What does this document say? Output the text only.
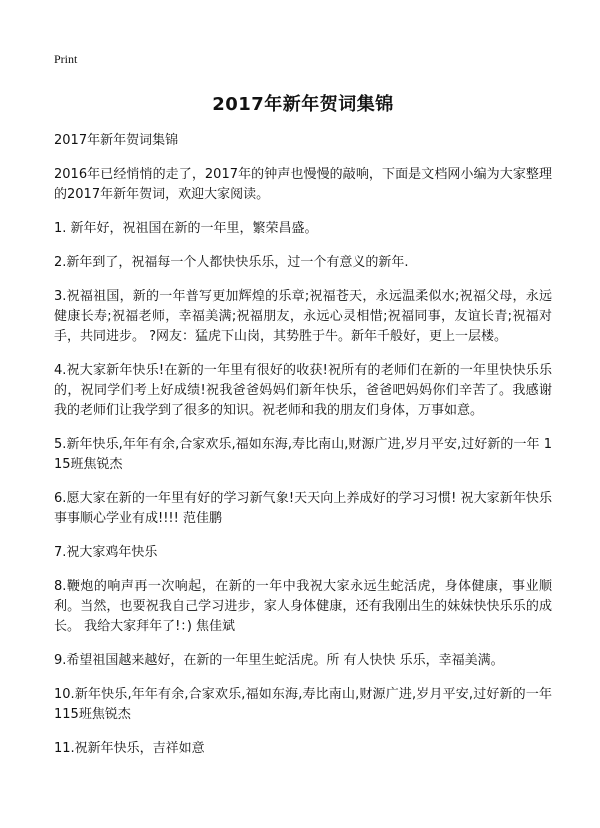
Print
2017年新年贺词集锦
2017年新年贺词集锦

2016年已经悄悄的走了，2017年的钟声也慢慢的敲响，下面是文档网小编为大家整理的2017年新年贺词，欢迎大家阅读。

1. 新年好，祝祖国在新的一年里，繁荣昌盛。

2.新年到了，祝福每一个人都快快乐乐，过一个有意义的新年.

3.祝福祖国，新的一年普写更加辉煌的乐章;祝福苍天，永远温柔似水;祝福父母，永远健康长寿;祝福老师，幸福美满;祝福朋友，永远心灵相惜;祝福同事，友谊长青;祝福对手，共同进步。 ?网友：猛虎下山岗，其势胜于牛。新年千般好，更上一层楼。

4.祝大家新年快乐!在新的一年里有很好的收获!祝所有的老师们在新的一年里快快乐乐的，祝同学们考上好成绩!祝我爸爸妈妈们新年快乐，爸爸吧妈妈你们辛苦了。我感谢我的老师们让我学到了很多的知识。祝老师和我的朋友们身体，万事如意。

5.新年快乐,年年有余,合家欢乐,福如东海,寿比南山,财源广进,岁月平安,过好新的一年 115班焦锐杰

6.愿大家在新的一年里有好的学习新气象!天天向上养成好的学习习惯! 祝大家新年快乐事事顺心学业有成!!!! 范佳鹏

7.祝大家鸡年快乐

8.鞭炮的响声再一次响起，在新的一年中我祝大家永远生蛇活虎，身体健康，事业顺利。当然，也要祝我自己学习进步，家人身体健康，还有我刚出生的妹妹快快乐乐的成长。 我给大家拜年了!：) 焦佳斌

9.希望祖国越来越好，在新的一年里生蛇活虎。所 有人快快 乐乐，幸福美满。

10.新年快乐,年年有余,合家欢乐,福如东海,寿比南山,财源广进,岁月平安,过好新的一年 115班焦锐杰

11.祝新年快乐，吉祥如意
